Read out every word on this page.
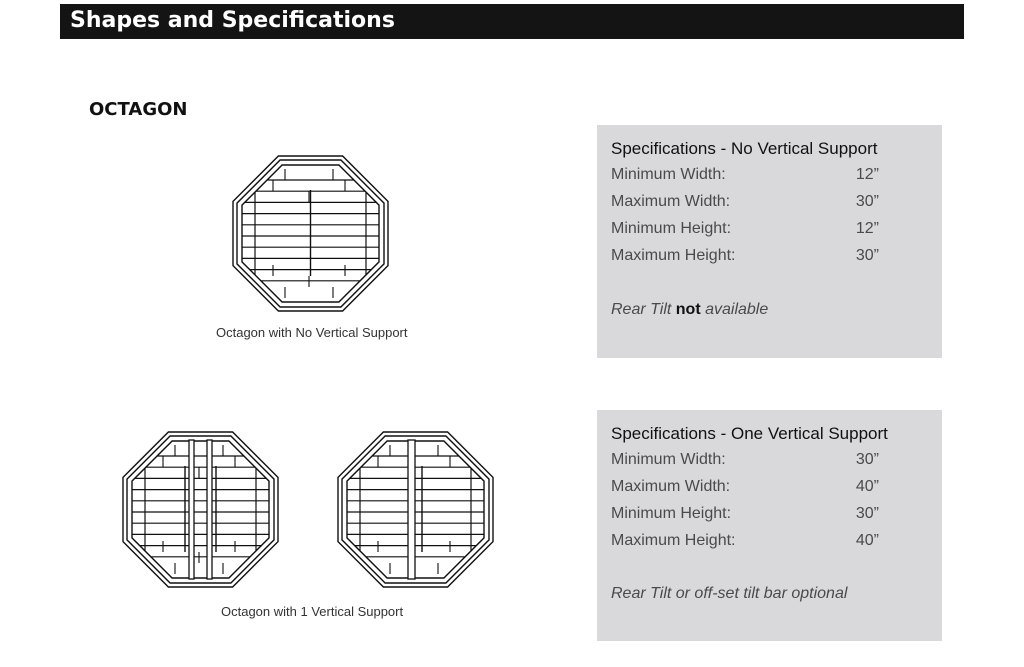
Shapes and Specifications
OCTAGON
Octagon with No Vertical Support
Octagon with 1 Vertical Support
Specifications - No Vertical Support
Minimum Width:	12”
Maximum Width:	30”
Minimum Height:	12”
Maximum Height:	30”
Rear Tilt not available
Specifications - One Vertical Support
Minimum Width:	30”
Maximum Width:	40”
Minimum Height:	30”
Maximum Height:	40”
Rear Tilt or off-set tilt bar optional
